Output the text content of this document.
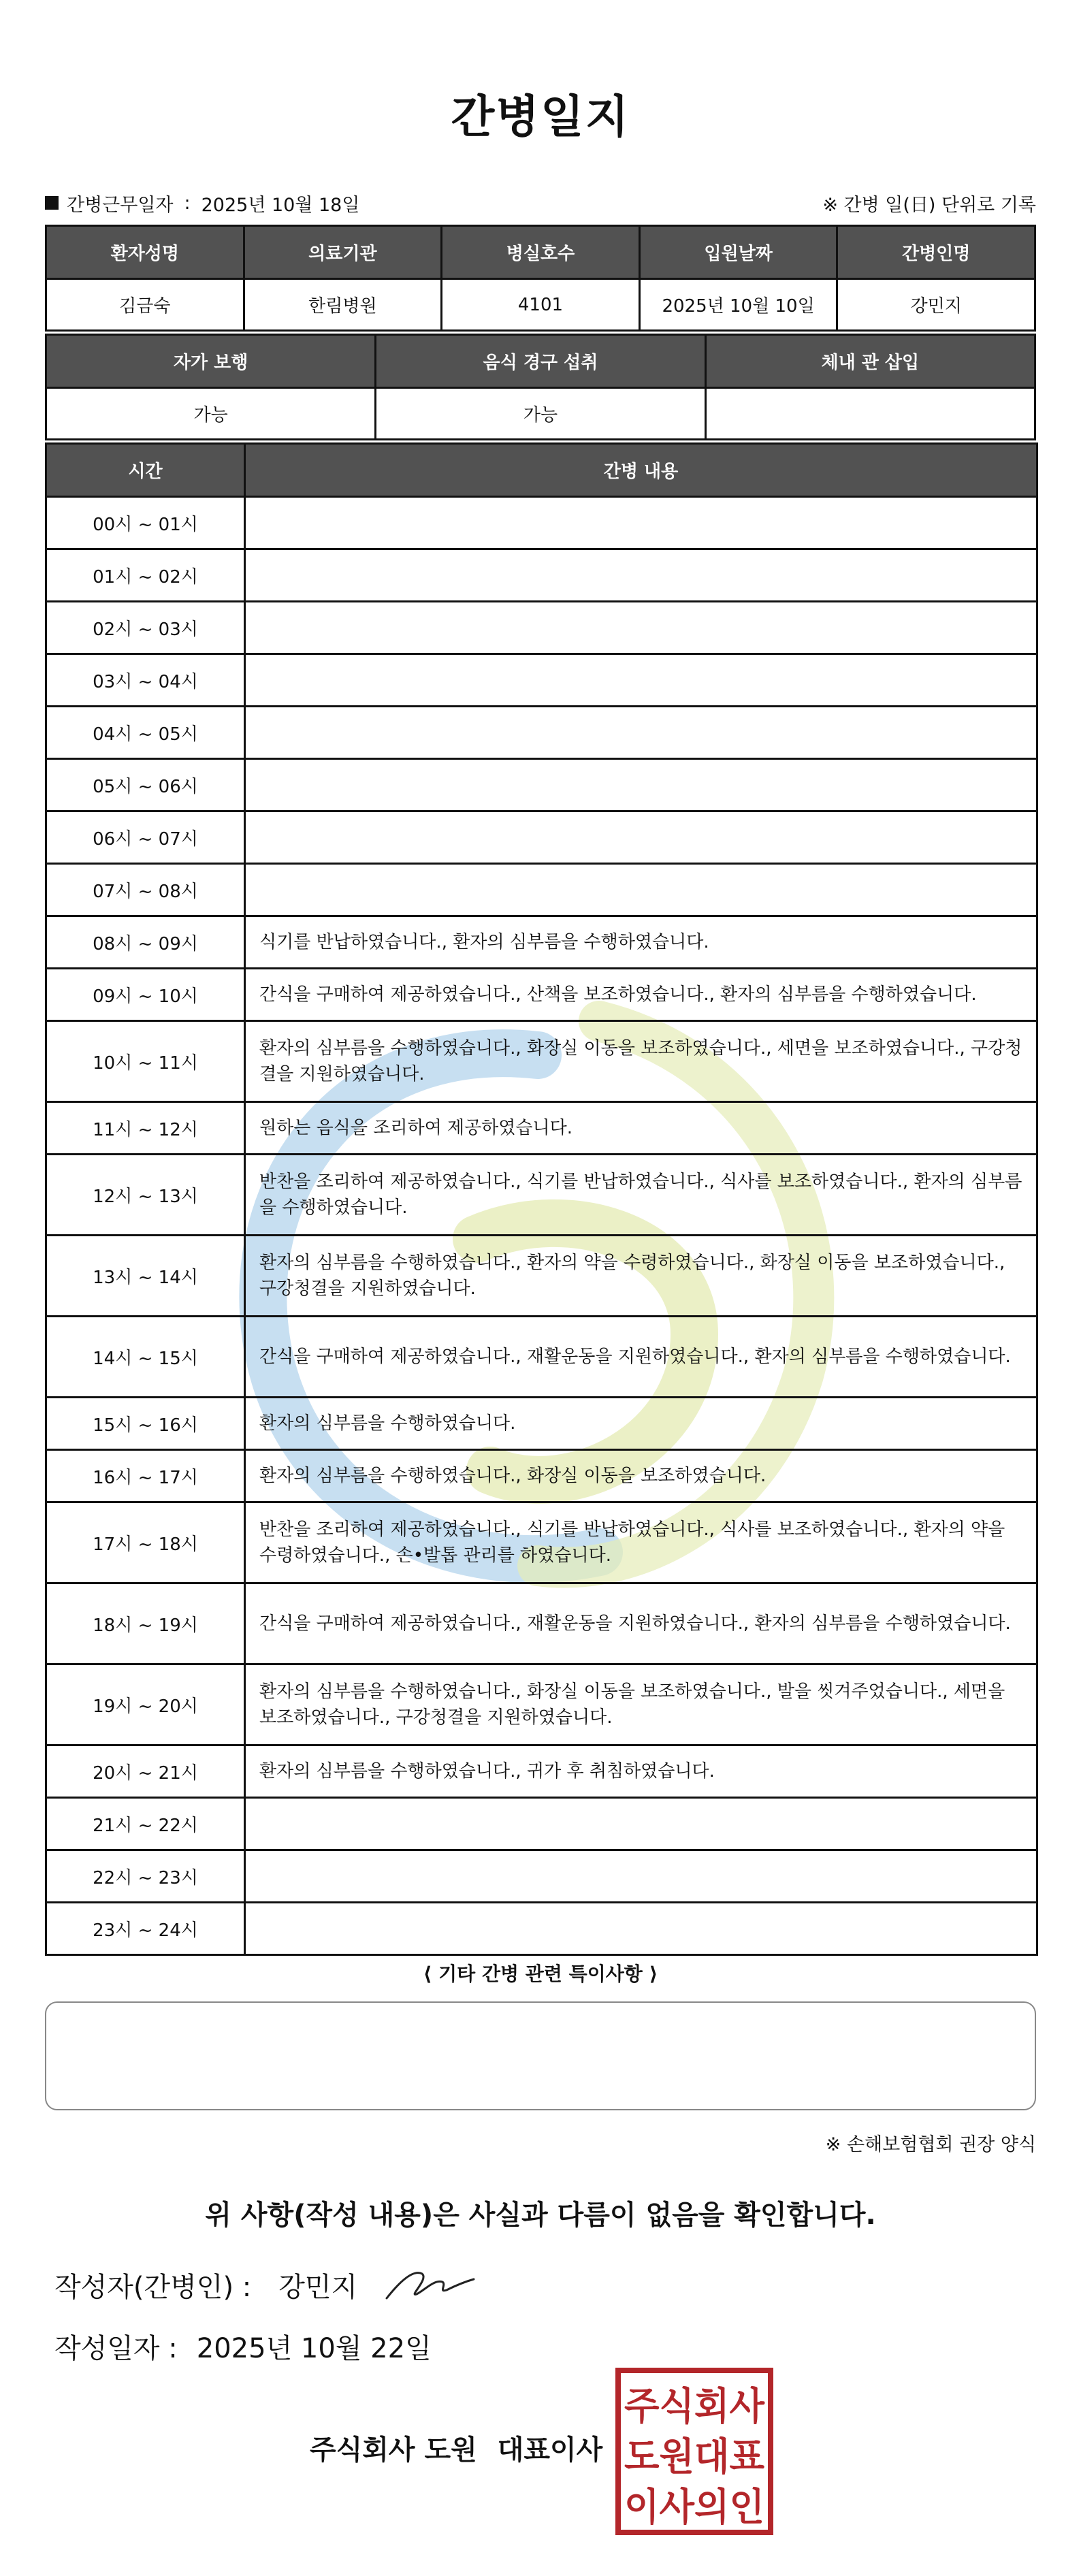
간병일지
간병근무일자 : 2025년 10월 18일	※ 간병 일(日) 단위로 기록
환자성명	의료기관	병실호수	입원날짜	간병인명
김금숙	한림병원	4101	2025년 10월 10일	강민지
자가 보행	음식 경구 섭취	체내 관 삽입
가능	가능	
시간	간병 내용
00시 ~ 01시	
01시 ~ 02시	
02시 ~ 03시	
03시 ~ 04시	
04시 ~ 05시	
05시 ~ 06시	
06시 ~ 07시	
07시 ~ 08시	
08시 ~ 09시	식기를 반납하였습니다., 환자의 심부름을 수행하였습니다.
09시 ~ 10시	간식을 구매하여 제공하였습니다., 산책을 보조하였습니다., 환자의 심부름을 수행하였습니다.
10시 ~ 11시	환자의 심부름을 수행하였습니다., 화장실 이동을 보조하였습니다., 세면을 보조하였습니다., 구강청결을 지원하였습니다.
11시 ~ 12시	원하는 음식을 조리하여 제공하였습니다.
12시 ~ 13시	반찬을 조리하여 제공하였습니다., 식기를 반납하였습니다., 식사를 보조하였습니다., 환자의 심부름을 수행하였습니다.
13시 ~ 14시	환자의 심부름을 수행하였습니다., 환자의 약을 수령하였습니다., 화장실 이동을 보조하였습니다., 구강청결을 지원하였습니다.
14시 ~ 15시	간식을 구매하여 제공하였습니다., 재활운동을 지원하였습니다., 환자의 심부름을 수행하였습니다.
15시 ~ 16시	환자의 심부름을 수행하였습니다.
16시 ~ 17시	환자의 심부름을 수행하였습니다., 화장실 이동을 보조하였습니다.
17시 ~ 18시	반찬을 조리하여 제공하였습니다., 식기를 반납하였습니다., 식사를 보조하였습니다., 환자의 약을 수령하였습니다., 손•발톱 관리를 하였습니다.
18시 ~ 19시	간식을 구매하여 제공하였습니다., 재활운동을 지원하였습니다., 환자의 심부름을 수행하였습니다.
19시 ~ 20시	환자의 심부름을 수행하였습니다., 화장실 이동을 보조하였습니다., 발을 씻겨주었습니다., 세면을 보조하였습니다., 구강청결을 지원하였습니다.
20시 ~ 21시	환자의 심부름을 수행하였습니다., 귀가 후 취침하였습니다.
21시 ~ 22시	
22시 ~ 23시	
23시 ~ 24시	
⟨ 기타 간병 관련 특이사항 ⟩
※ 손해보험협회 권장 양식
위 사항(작성 내용)은 사실과 다름이 없음을 확인합니다.
작성자(간병인) : 강민지
작성일자 : 2025년 10월 22일
주식회사 도원 대표이사
주식회사
도원대표
이사의인
